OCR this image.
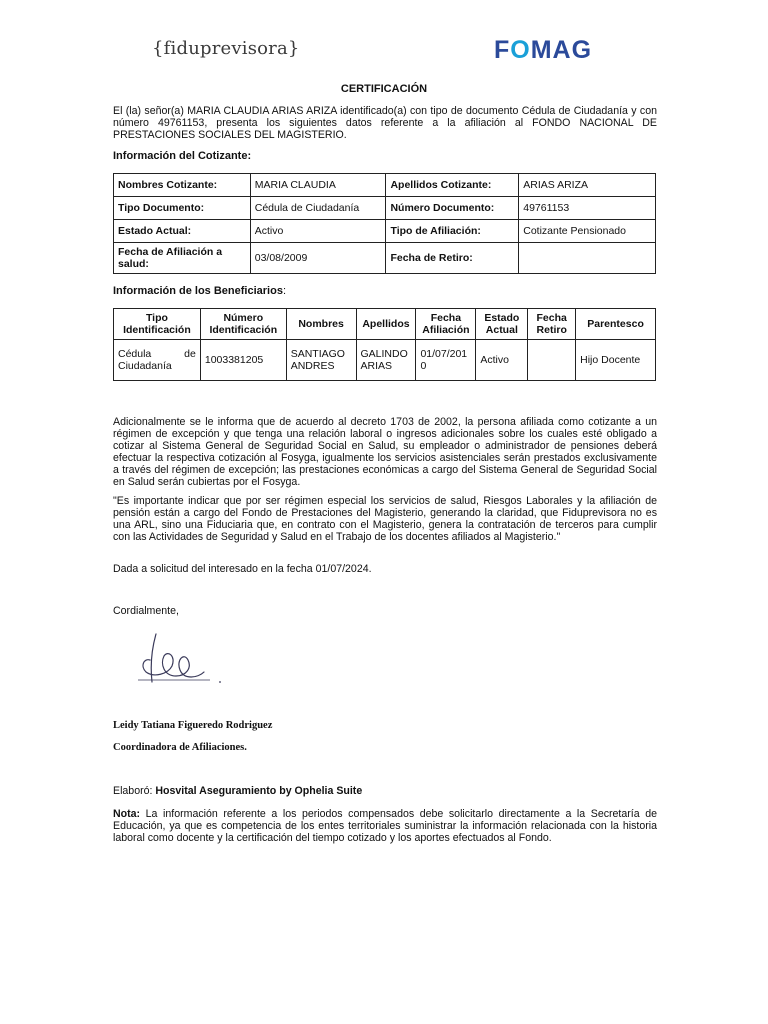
{fiduprevisora}	FOMAG
CERTIFICACIÓN
El (la) señor(a) MARIA CLAUDIA ARIAS ARIZA identificado(a) con tipo de documento Cédula de Ciudadanía y con número 49761153, presenta los siguientes datos referente a la afiliación al FONDO NACIONAL DE PRESTACIONES SOCIALES DEL MAGISTERIO.
Información del Cotizante:
Nombres Cotizante:	MARIA CLAUDIA	Apellidos Cotizante:	ARIAS ARIZA
Tipo Documento:	Cédula de Ciudadanía	Número Documento:	49761153
Estado Actual:	Activo	Tipo de Afiliación:	Cotizante Pensionado
Fecha de Afiliación a salud:	03/08/2009	Fecha de Retiro:	
Información de los Beneficiarios:
Tipo Identificación	Número Identificación	Nombres	Apellidos	Fecha Afiliación	Estado Actual	Fecha Retiro	Parentesco
Cédula de Ciudadanía	1003381205	SANTIAGO ANDRES	GALINDO ARIAS	01/07/2010	Activo		Hijo Docente
Adicionalmente se le informa que de acuerdo al decreto 1703 de 2002, la persona afiliada como cotizante a un régimen de excepción y que tenga una relación laboral o ingresos adicionales sobre los cuales esté obligado a cotizar al Sistema General de Seguridad Social en Salud, su empleador o administrador de pensiones deberá efectuar la respectiva cotización al Fosyga, igualmente los servicios asistenciales serán prestados exclusivamente a través del régimen de excepción; las prestaciones económicas a cargo del Sistema General de Seguridad Social en Salud serán cubiertas por el Fosyga.
"Es importante indicar que por ser régimen especial los servicios de salud, Riesgos Laborales y la afiliación de pensión están a cargo del Fondo de Prestaciones del Magisterio, generando la claridad, que Fiduprevisora no es una ARL, sino una Fiduciaria que, en contrato con el Magisterio, genera la contratación de terceros para cumplir con las Actividades de Seguridad y Salud en el Trabajo de los docentes afiliados al Magisterio."
Dada a solicitud del interesado en la fecha 01/07/2024.
Cordialmente,
Leidy Tatiana Figueredo Rodriguez
Coordinadora de Afiliaciones.
Elaboró: Hosvital Aseguramiento by Ophelia Suite
Nota: La información referente a los periodos compensados debe solicitarlo directamente a la Secretaría de Educación, ya que es competencia de los entes territoriales suministrar la información relacionada con la historia laboral como docente y la certificación del tiempo cotizado y los aportes efectuados al Fondo.
